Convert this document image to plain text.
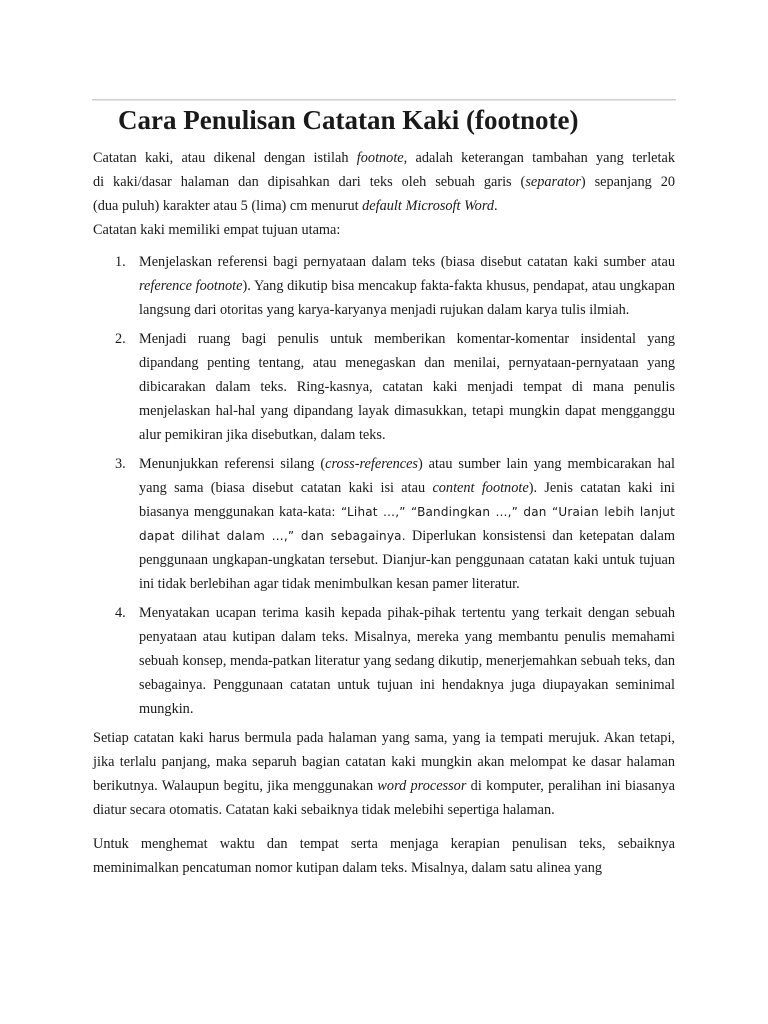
Cara Penulisan Catatan Kaki (footnote)
Catatan kaki, atau dikenal dengan istilah footnote, adalah keterangan tambahan yang terletak
di kaki/dasar halaman dan dipisahkan dari teks oleh sebuah garis (separator) sepanjang 20
(dua puluh) karakter atau 5 (lima) cm menurut default Microsoft Word.

Catatan kaki memiliki empat tujuan utama:

1. Menjelaskan referensi bagi pernyataan dalam teks (biasa disebut catatan kaki sumber atau reference footnote). Yang dikutip bisa mencakup fakta-fakta khusus, pendapat, atau ungkapan langsung dari otoritas yang karya-karyanya menjadi rujukan dalam karya tulis ilmiah.
2. Menjadi ruang bagi penulis untuk memberikan komentar-komentar insidental yang dipandang penting tentang, atau menegaskan dan menilai, pernyataan-pernyataan yang dibicarakan dalam teks. Ring-kasnya, catatan kaki menjadi tempat di mana penulis menjelaskan hal-hal yang dipandang layak dimasukkan, tetapi mungkin dapat mengganggu alur pemikiran jika disebutkan, dalam teks.
3. Menunjukkan referensi silang (cross-references) atau sumber lain yang membicarakan hal yang sama (biasa disebut catatan kaki isi atau content footnote). Jenis catatan kaki ini biasanya menggunakan kata-kata: “Lihat …,” “Bandingkan …,” dan “Uraian lebih lanjut dapat dilihat dalam …,” dan sebagainya. Diperlukan konsistensi dan ketepatan dalam penggunaan ungkapan-ungkatan tersebut. Dianjur-kan penggunaan catatan kaki untuk tujuan ini tidak berlebihan agar tidak menimbulkan kesan pamer literatur.
4. Menyatakan ucapan terima kasih kepada pihak-pihak tertentu yang terkait dengan sebuah penyataan atau kutipan dalam teks. Misalnya, mereka yang membantu penulis memahami sebuah konsep, menda-patkan literatur yang sedang dikutip, menerjemahkan sebuah teks, dan sebagainya. Penggunaan catatan untuk tujuan ini hendaknya juga diupayakan seminimal mungkin.

Setiap catatan kaki harus bermula pada halaman yang sama, yang ia tempati merujuk. Akan tetapi, jika terlalu panjang, maka separuh bagian catatan kaki mungkin akan melompat ke dasar halaman berikutnya. Walaupun begitu, jika menggunakan word processor di komputer, peralihan ini biasanya diatur secara otomatis. Catatan kaki sebaiknya tidak melebihi sepertiga halaman.

Untuk menghemat waktu dan tempat serta menjaga kerapian penulisan teks, sebaiknya meminimalkan pencatuman nomor kutipan dalam teks. Misalnya, dalam satu alinea yang
